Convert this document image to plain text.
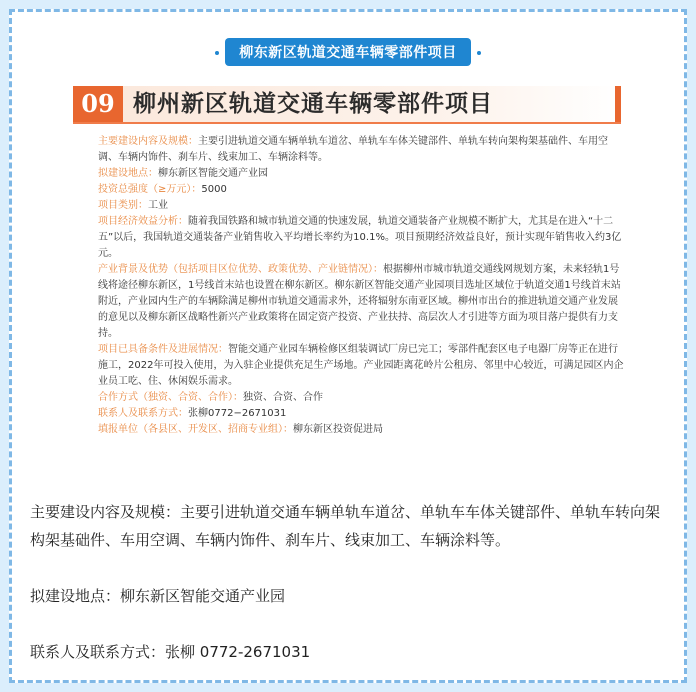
柳东新区轨道交通车辆零部件项目
09 柳州新区轨道交通车辆零部件项目

主要建设内容及规模：主要引进轨道交通车辆单轨车道岔、单轨车车体关键部件、单轨车转向架构架基础件、车用空调、车辆内饰件、刹车片、线束加工、车辆涂料等。

拟建设地点：柳东新区智能交通产业园

投资总强度（≥万元）：5000

项目类别：工业

项目经济效益分析：随着我国铁路和城市轨道交通的快速发展，轨道交通装备产业规模不断扩大，尤其是在进入“十二五”以后，我国轨道交通装备产业销售收入平均增长率约为10.1%。项目预期经济效益良好，预计实现年销售收入约3亿元。

产业背景及优势（包括项目区位优势、政策优势、产业链情况）：根据柳州市城市轨道交通线网规划方案，未来轻轨1号线将途径柳东新区，1号线首末站也设置在柳东新区。柳东新区智能交通产业园项目选址区域位于轨道交通1号线首末站附近，产业园内生产的车辆除满足柳州市轨道交通需求外，还将辐射东南亚区域。柳州市出台的推进轨道交通产业发展的意见以及柳东新区战略性新兴产业政策将在固定资产投资、产业扶持、高层次人才引进等方面为项目落户提供有力支持。

项目已具备条件及进展情况：智能交通产业园车辆检修区组装调试厂房已完工；零部件配套区电子电器厂房等正在进行施工，2022年可投入使用，为入驻企业提供充足生产场地。产业园距离花岭片公租房、邻里中心较近，可满足园区内企业员工吃、住、休闲娱乐需求。

合作方式（独资、合资、合作）：独资、合资、合作

联系人及联系方式：张柳0772−2671031

填报单位（各县区、开发区、招商专业组）：柳东新区投资促进局

主要建设内容及规模：主要引进轨道交通车辆单轨车道岔、单轨车车体关键部件、单轨车转向架构架基础件、车用空调、车辆内饰件、刹车片、线束加工、车辆涂料等。

拟建设地点：柳东新区智能交通产业园

联系人及联系方式：张柳 0772-2671031
